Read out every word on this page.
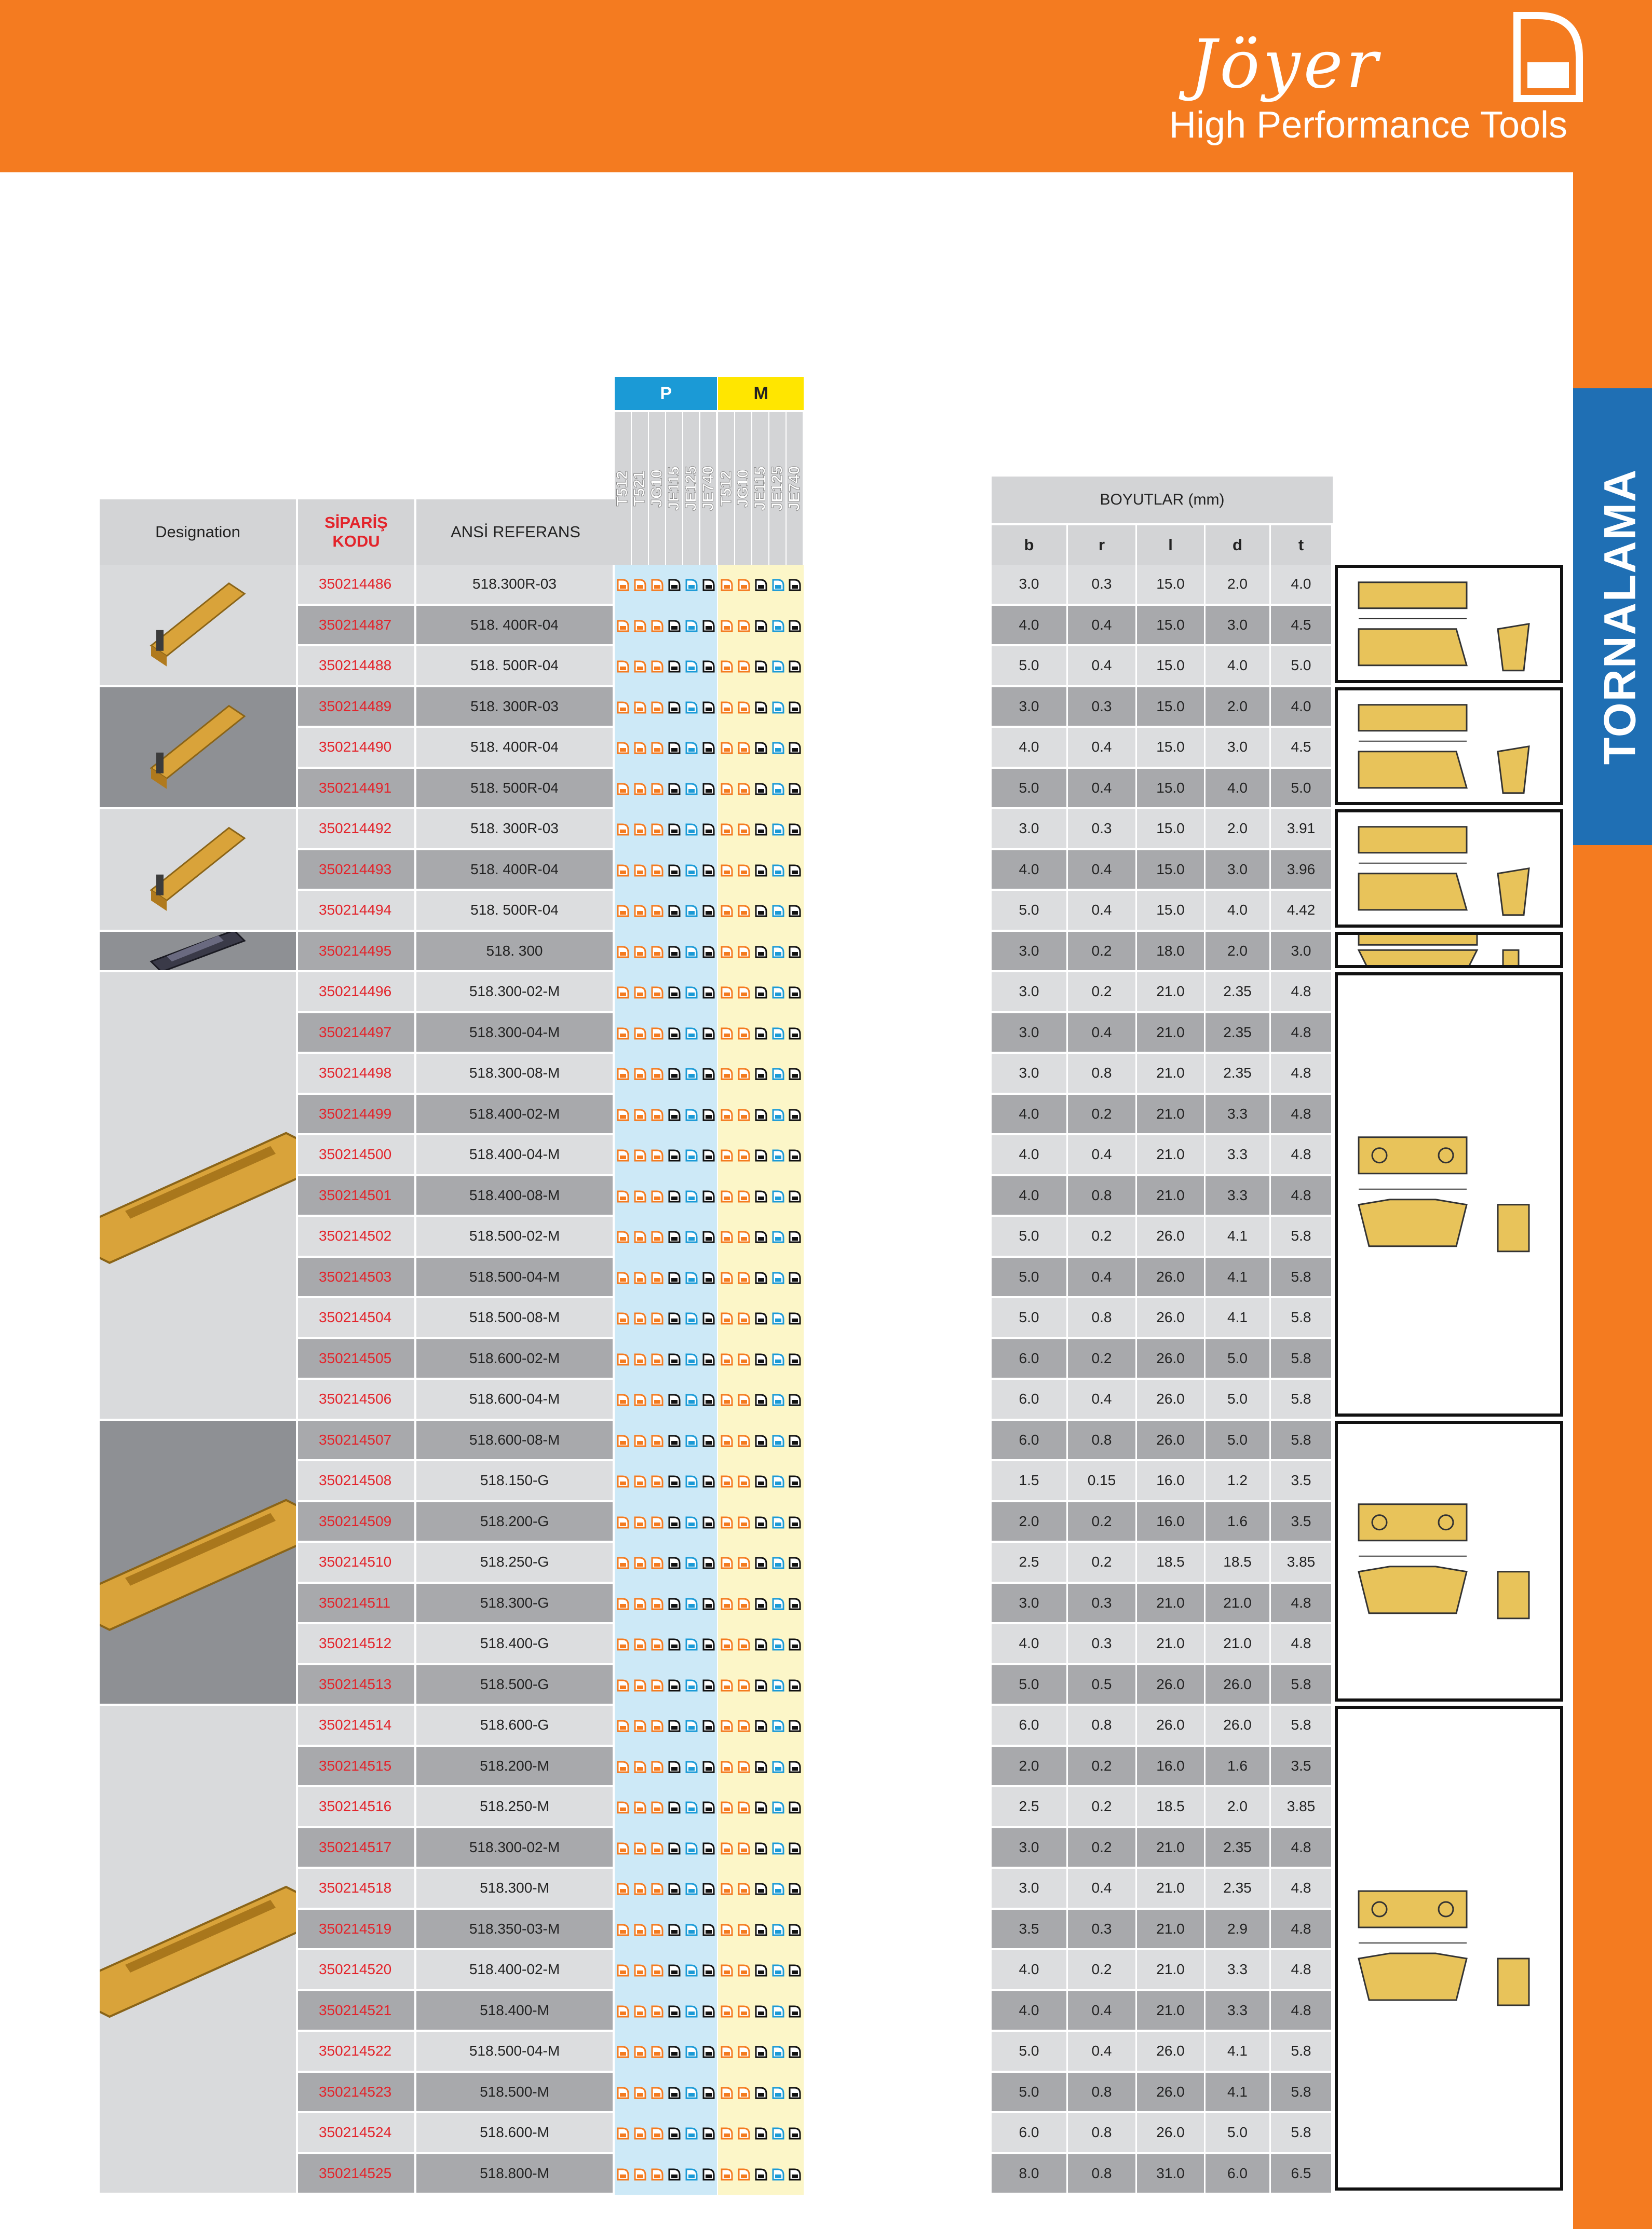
Jöyer
High Performance Tools
TORNALAMA
Designation
SİPARİŞ KODU
ANSİ REFERANS
P	M
T512 T521 JG10 JE115 JE125 JE740 T512 JG10 JE115 JE125 JE740	BOYUTLAR (mm)
b	r	l	d	t
350214486	518.300R-03	3.0	0.3	15.0	2.0	4.0
350214487	518. 400R-04	4.0	0.4	15.0	3.0	4.5
350214488	518. 500R-04	5.0	0.4	15.0	4.0	5.0
350214489	518. 300R-03	3.0	0.3	15.0	2.0	4.0
350214490	518. 400R-04	4.0	0.4	15.0	3.0	4.5
350214491	518. 500R-04	5.0	0.4	15.0	4.0	5.0
350214492	518. 300R-03	3.0	0.3	15.0	2.0	3.91
350214493	518. 400R-04	4.0	0.4	15.0	3.0	3.96
350214494	518. 500R-04	5.0	0.4	15.0	4.0	4.42
350214495	518. 300	3.0	0.2	18.0	2.0	3.0
350214496	518.300-02-M	3.0	0.2	21.0	2.35	4.8
350214497	518.300-04-M	3.0	0.4	21.0	2.35	4.8
350214498	518.300-08-M	3.0	0.8	21.0	2.35	4.8
350214499	518.400-02-M	4.0	0.2	21.0	3.3	4.8
350214500	518.400-04-M	4.0	0.4	21.0	3.3	4.8
350214501	518.400-08-M	4.0	0.8	21.0	3.3	4.8
350214502	518.500-02-M	5.0	0.2	26.0	4.1	5.8
350214503	518.500-04-M	5.0	0.4	26.0	4.1	5.8
350214504	518.500-08-M	5.0	0.8	26.0	4.1	5.8
350214505	518.600-02-M	6.0	0.2	26.0	5.0	5.8
350214506	518.600-04-M	6.0	0.4	26.0	5.0	5.8
350214507	518.600-08-M	6.0	0.8	26.0	5.0	5.8
350214508	518.150-G	1.5	0.15	16.0	1.2	3.5
350214509	518.200-G	2.0	0.2	16.0	1.6	3.5
350214510	518.250-G	2.5	0.2	18.5	18.5	3.85
350214511	518.300-G	3.0	0.3	21.0	21.0	4.8
350214512	518.400-G	4.0	0.3	21.0	21.0	4.8
350214513	518.500-G	5.0	0.5	26.0	26.0	5.8
350214514	518.600-G	6.0	0.8	26.0	26.0	5.8
350214515	518.200-M	2.0	0.2	16.0	1.6	3.5
350214516	518.250-M	2.5	0.2	18.5	2.0	3.85
350214517	518.300-02-M	3.0	0.2	21.0	2.35	4.8
350214518	518.300-M	3.0	0.4	21.0	2.35	4.8
350214519	518.350-03-M	3.5	0.3	21.0	2.9	4.8
350214520	518.400-02-M	4.0	0.2	21.0	3.3	4.8
350214521	518.400-M	4.0	0.4	21.0	3.3	4.8
350214522	518.500-04-M	5.0	0.4	26.0	4.1	5.8
350214523	518.500-M	5.0	0.8	26.0	4.1	5.8
350214524	518.600-M	6.0	0.8	26.0	5.0	5.8
350214525	518.800-M	8.0	0.8	31.0	6.0	6.5
